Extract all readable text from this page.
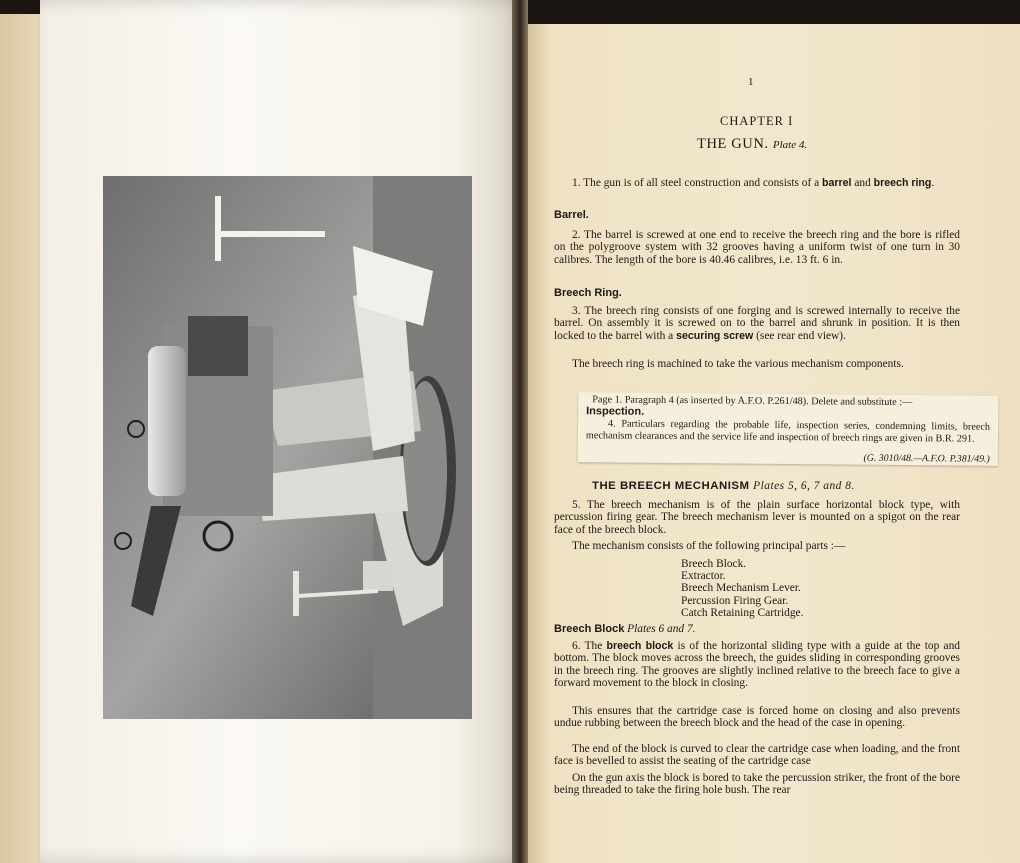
1
CHAPTER I
THE GUN. Plate 4.
1. The gun is of all steel construction and consists of a barrel and breech ring.
Barrel.
2. The barrel is screwed at one end to receive the breech ring and the bore is rifled on the polygroove system with 32 grooves having a uniform twist of one turn in 30 calibres. The length of the bore is 40.46 calibres, i.e. 13 ft. 6 in.
Breech Ring.
3. The breech ring consists of one forging and is screwed internally to receive the barrel. On assembly it is screwed on to the barrel and shrunk in position. It is then locked to the barrel with a securing screw (see rear end view).
The breech ring is machined to take the various mechanism components.
Page 1. Paragraph 4 (as inserted by A.F.O. P.261/48). Delete and substitute :—
Inspection.
4. Particulars regarding the probable life, inspection series, condemning limits, breech mechanism clearances and the service life and inspection of breech rings are given in B.R. 291.
(G. 3010/48.—A.F.O. P.381/49.)
THE BREECH MECHANISM Plates 5, 6, 7 and 8.
5. The breech mechanism is of the plain surface horizontal block type, with percussion firing gear. The breech mechanism lever is mounted on a spigot on the rear face of the breech block.
The mechanism consists of the following principal parts :—
Breech Block.
Extractor.
Breech Mechanism Lever.
Percussion Firing Gear.
Catch Retaining Cartridge.
Breech Block Plates 6 and 7.
6. The breech block is of the horizontal sliding type with a guide at the top and bottom. The block moves across the breech, the guides sliding in corresponding grooves in the breech ring. The grooves are slightly inclined relative to the breech face to give a forward movement to the block in closing.
This ensures that the cartridge case is forced home on closing and also prevents undue rubbing between the breech block and the head of the case in opening.
The end of the block is curved to clear the cartridge case when loading, and the front face is bevelled to assist the seating of the cartridge case
On the gun axis the block is bored to take the percussion striker, the front of the bore being threaded to take the firing hole bush. The rear
